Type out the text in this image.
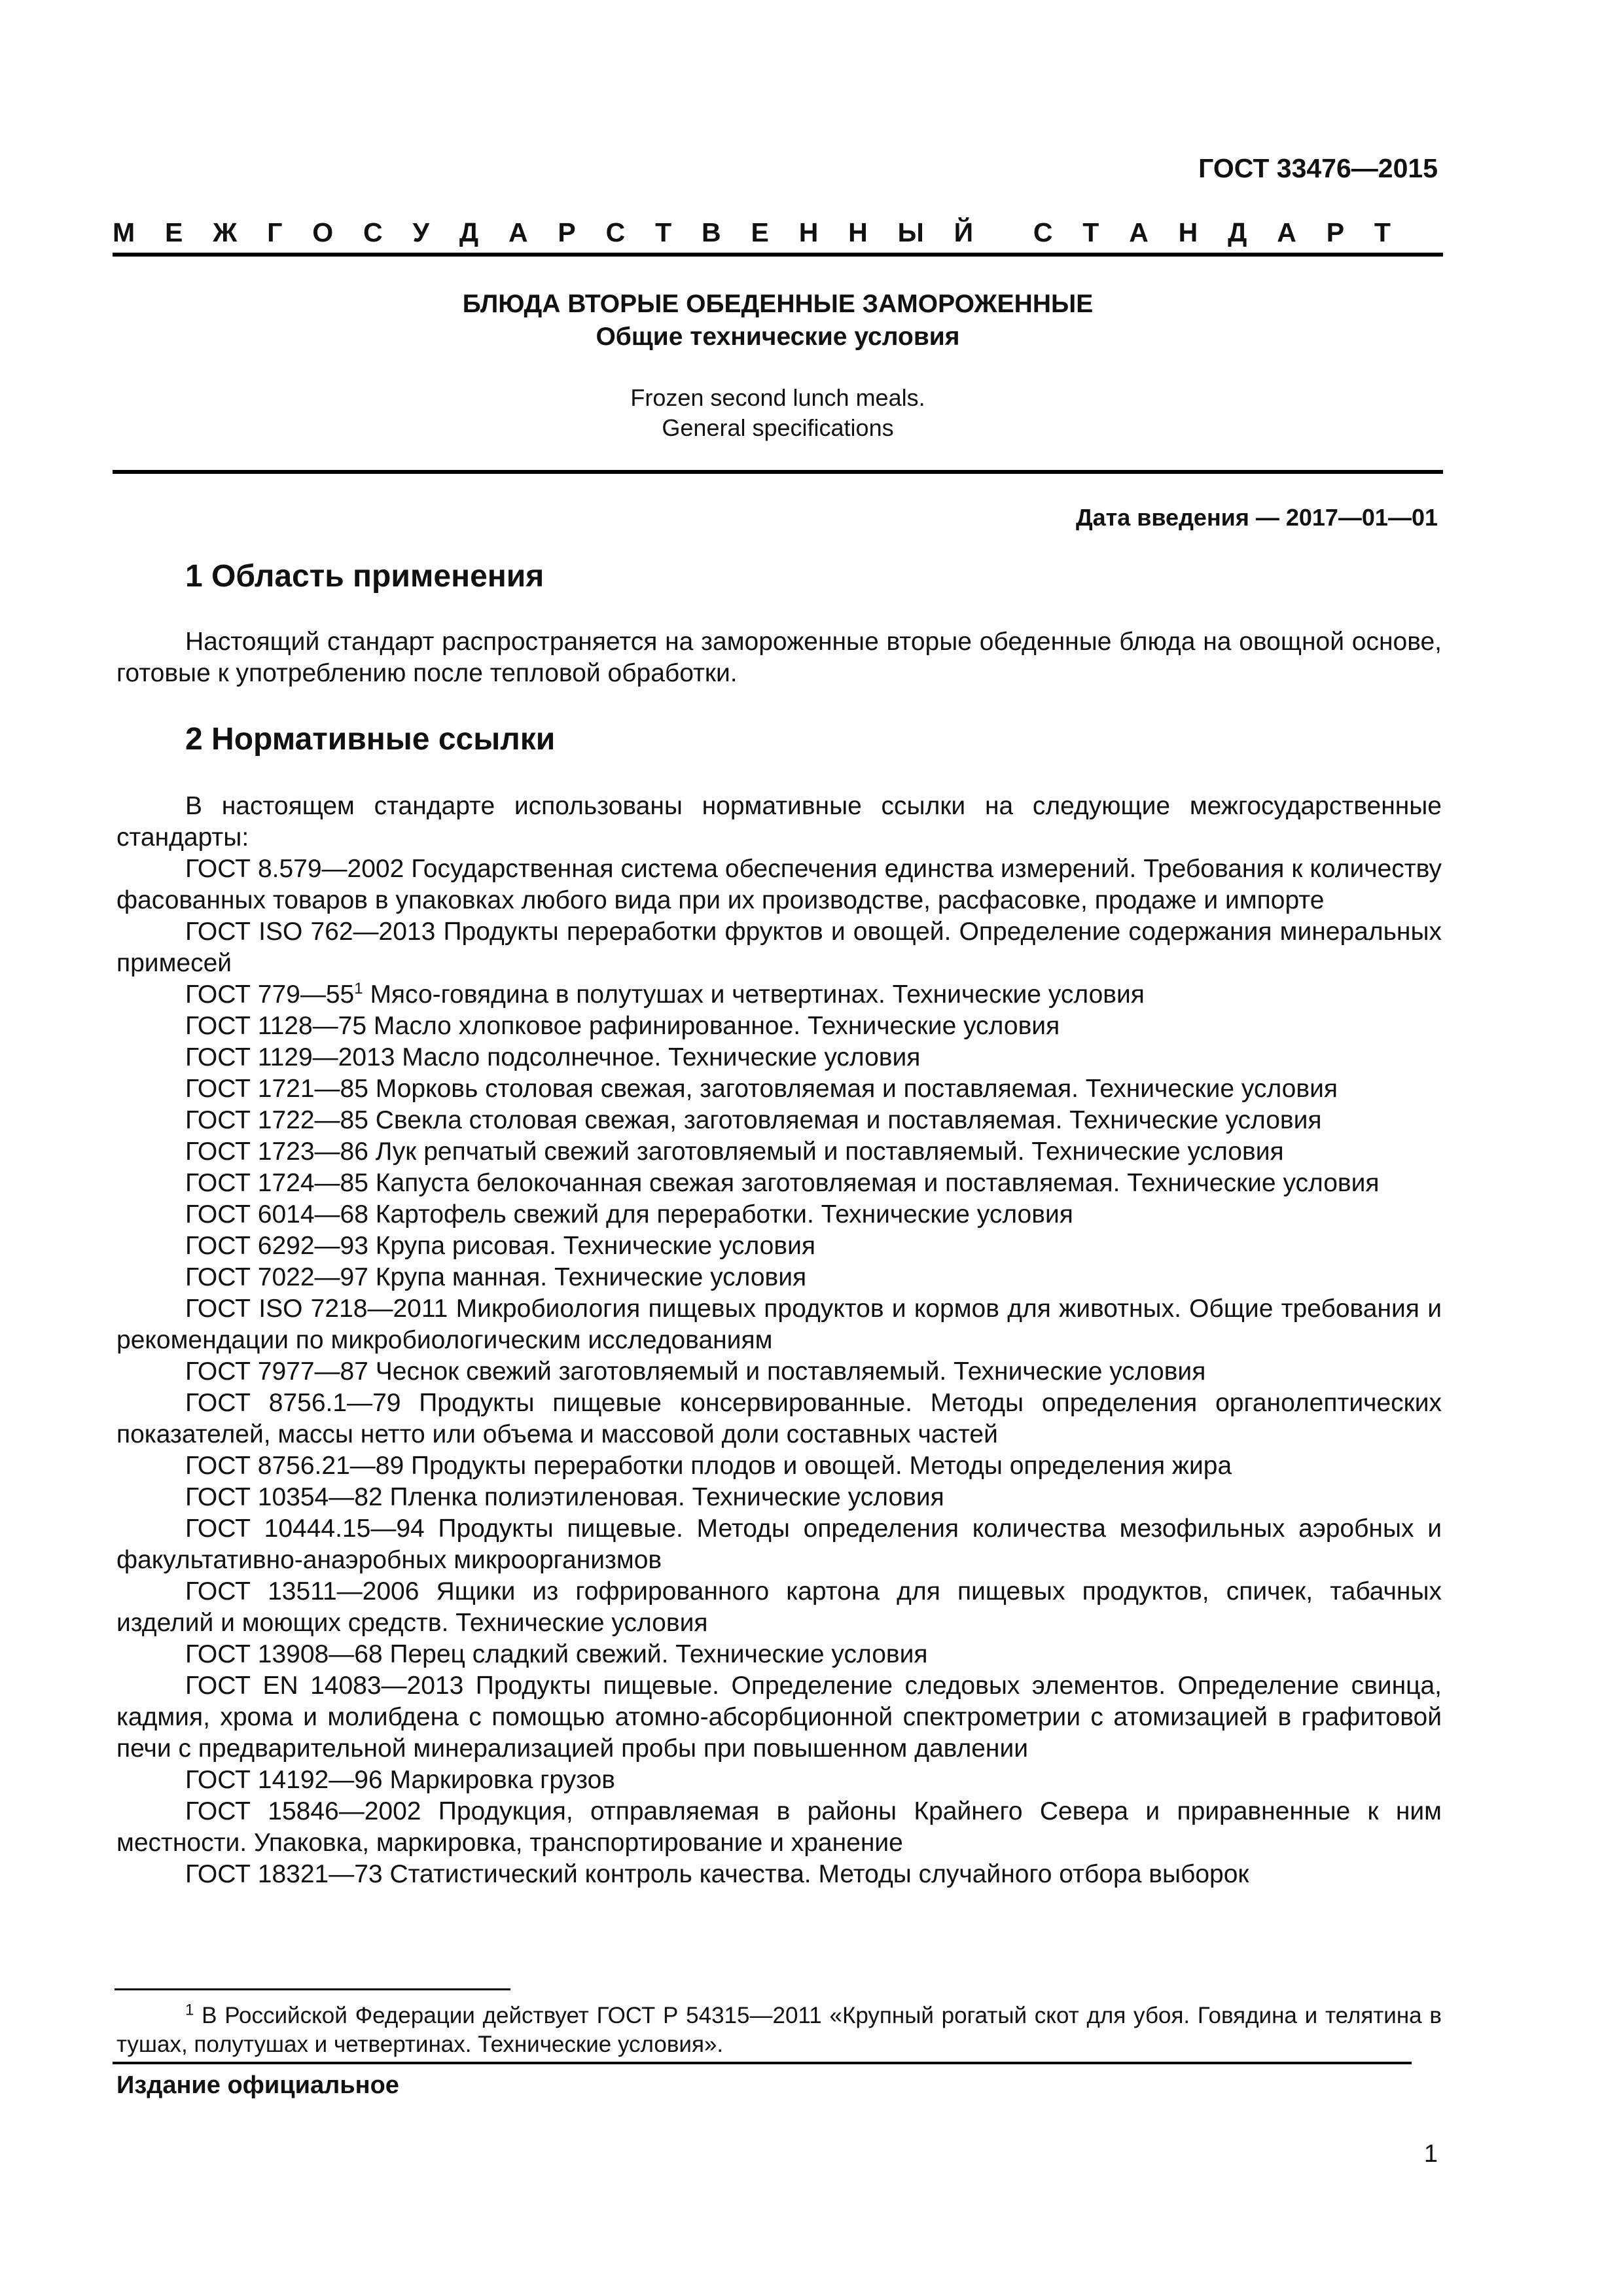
ГОСТ 33476—2015
М Е Ж Г О С У Д А Р С Т В Е Н Н Ы Й С Т А Н Д А Р Т
БЛЮДА ВТОРЫЕ ОБЕДЕННЫЕ ЗАМОРОЖЕННЫЕ
Общие технические условия
Frozen second lunch meals.
General specifications
Дата введения — 2017—01—01
1 Область применения
Настоящий стандарт распространяется на замороженные вторые обеденные блюда на овощной основе, готовые к употреблению после тепловой обработки.
2 Нормативные ссылки

В настоящем стандарте использованы нормативные ссылки на следующие межгосударственные стандарты:

ГОСТ 8.579—2002 Государственная система обеспечения единства измерений. Требования к количеству фасованных товаров в упаковках любого вида при их производстве, расфасовке, продаже и импорте

ГОСТ ISO 762—2013 Продукты переработки фруктов и овощей. Определение содержания минеральных примесей

ГОСТ $779—55^1$ Мясо-говядина в полутушах и четвертинах. Технические условия

ГОСТ 1128—75 Масло хлопковое рафинированное. Технические условия

ГОСТ 1129—2013 Масло подсолнечное. Технические условия

ГОСТ 1721—85 Морковь столовая свежая, заготовляемая и поставляемая. Технические условия

ГОСТ 1722—85 Свекла столовая свежая, заготовляемая и поставляемая. Технические условия

ГОСТ 1723—86 Лук репчатый свежий заготовляемый и поставляемый. Технические условия

ГОСТ 1724—85 Капуста белокочанная свежая заготовляемая и поставляемая. Технические условия

ГОСТ 6014—68 Картофель свежий для переработки. Технические условия

ГОСТ 6292—93 Крупа рисовая. Технические условия

ГОСТ 7022—97 Крупа манная. Технические условия

ГОСТ ISO 7218—2011 Микробиология пищевых продуктов и кормов для животных. Общие требования и рекомендации по микробиологическим исследованиям

ГОСТ 7977—87 Чеснок свежий заготовляемый и поставляемый. Технические условия

ГОСТ 8756.1—79 Продукты пищевые консервированные. Методы определения органолептических показателей, массы нетто или объема и массовой доли составных частей

ГОСТ 8756.21—89 Продукты переработки плодов и овощей. Методы определения жира

ГОСТ 10354—82 Пленка полиэтиленовая. Технические условия

ГОСТ 10444.15—94 Продукты пищевые. Методы определения количества мезофильных аэробных и факультативно-анаэробных микроорганизмов

ГОСТ 13511—2006 Ящики из гофрированного картона для пищевых продуктов, спичек, табачных изделий и моющих средств. Технические условия

ГОСТ 13908—68 Перец сладкий свежий. Технические условия

ГОСТ EN 14083—2013 Продукты пищевые. Определение следовых элементов. Определение свинца, кадмия, хрома и молибдена с помощью атомно-абсорбционной спектрометрии с атомизацией в графитовой печи с предварительной минерализацией пробы при повышенном давлении

ГОСТ 14192—96 Маркировка грузов

ГОСТ 15846—2002 Продукция, отправляемая в районы Крайнего Севера и приравненные к ним местности. Упаковка, маркировка, транспортирование и хранение

ГОСТ 18321—73 Статистический контроль качества. Методы случайного отбора выборок

$^1$ В Российской Федерации действует ГОСТ Р 54315—2011 «Крупный рогатый скот для убоя. Говядина и телятина в тушах, полутушах и четвертинах. Технические условия».
Издание официальное
1
